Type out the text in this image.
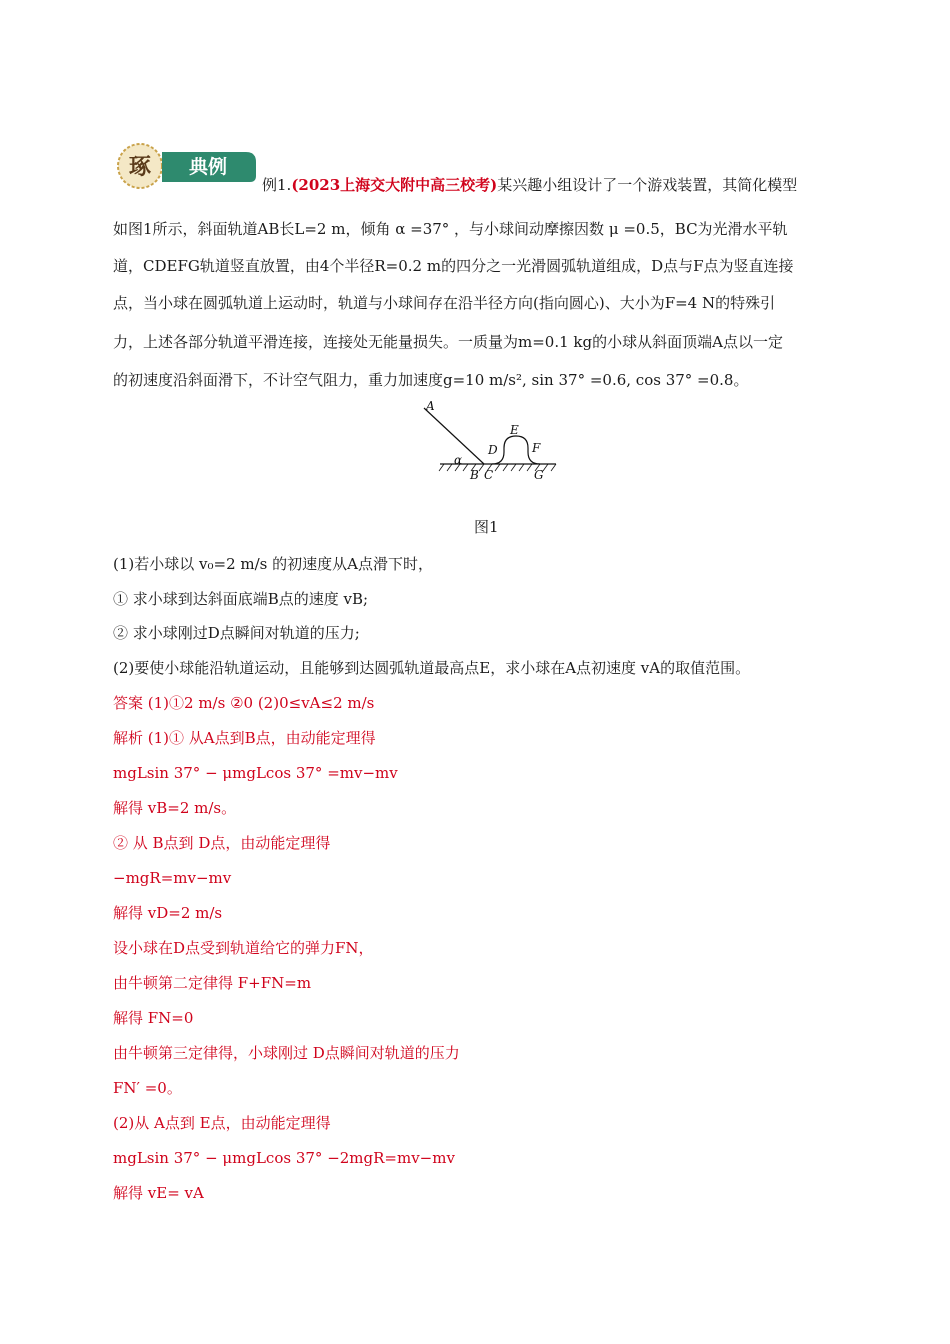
琢 典例
例1.(2023上海交大附中高三校考)某兴趣小组设计了一个游戏装置，其简化模型
如图1所示，斜面轨道AB长L=2 m，倾角 α =37° ，与小球间动摩擦因数 μ =0.5，BC为光滑水平轨
道，CDEFG轨道竖直放置，由4个半径R=0.2 m的四分之一光滑圆弧轨道组成，D点与F点为竖直连接
点，当小球在圆弧轨道上运动时，轨道与小球间存在沿半径方向(指向圆心)、大小为F=4 N的特殊引
力，上述各部分轨道平滑连接，连接处无能量损失。一质量为m=0.1 kg的小球从斜面顶端A点以一定
的初速度沿斜面滑下，不计空气阻力，重力加速度g=10 m/s², sin 37° =0.6, cos 37° =0.8。
A
α
B C
D
E
F
G
图1
(1)若小球以 v₀=2 m/s 的初速度从A点滑下时，
① 求小球到达斜面底端B点的速度 vB;
② 求小球刚过D点瞬间对轨道的压力;
(2)要使小球能沿轨道运动，且能够到达圆弧轨道最高点E，求小球在A点初速度 vA的取值范围。
答案 (1)①2 m/s ②0 (2)0≤vA≤2 m/s
解析 (1)① 从A点到B点，由动能定理得
mgLsin 37° − μmgLcos 37° =mv−mv
解得 vB=2 m/s。
② 从 B点到 D点，由动能定理得
−mgR=mv−mv
解得 vD=2 m/s
设小球在D点受到轨道给它的弹力FN，
由牛顿第二定律得 F+FN=m
解得 FN=0
由牛顿第三定律得，小球刚过 D点瞬间对轨道的压力
FN′ =0。
(2)从 A点到 E点，由动能定理得
mgLsin 37° − μmgLcos 37° −2mgR=mv−mv
解得 vE= vA
